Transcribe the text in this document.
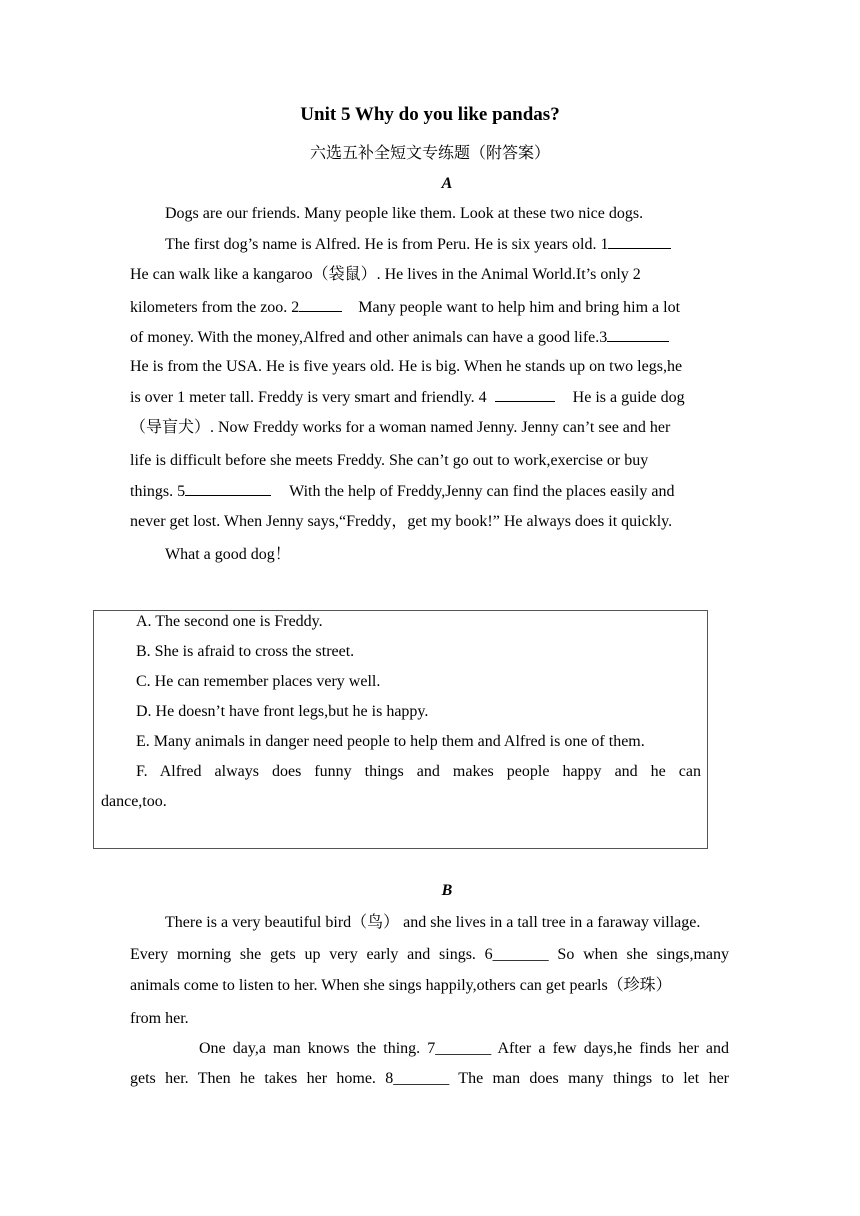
Unit 5 Why do you like pandas?
六选五补全短文专练题（附答案）
A
Dogs are our friends. Many people like them. Look at these two nice dogs.
The first dog’s name is Alfred. He is from Peru. He is six years old. 1
He can walk like a kangaroo（袋鼠）. He lives in the Animal World.It’s only 2
kilometers from the zoo. 2	Many people want to help him and bring him a lot
of money. With the money,Alfred and other animals can have a good life.3
He is from the USA. He is five years old. He is big. When he stands up on two legs,he
is over 1 meter tall. Freddy is very smart and friendly. 4	He is a guide dog
（导盲犬）. Now Freddy works for a woman named Jenny. Jenny can’t see and her
life is difficult before she meets Freddy. She can’t go out to work,exercise or buy
things. 5	With the help of Freddy,Jenny can find the places easily and
never get lost. When Jenny says,“Freddy，get my book!” He always does it quickly.
What a good dog！
A. The second one is Freddy.
B. She is afraid to cross the street.
C. He can remember places very well.
D. He doesn’t have front legs,but he is happy.
E. Many animals in danger need people to help them and Alfred is one of them.
F. Alfred always does funny things and makes people happy and he can
dance,too.
B
There is a very beautiful bird（鸟） and she lives in a tall tree in a faraway village.
Every morning she gets up very early and sings. 6_______ So when she sings,many
animals come to listen to her. When she sings happily,others can get pearls（珍珠）
from her.
One day,a man knows the thing. 7_______ After a few days,he finds her and
gets her. Then he takes her home. 8_______ The man does many things to let her
